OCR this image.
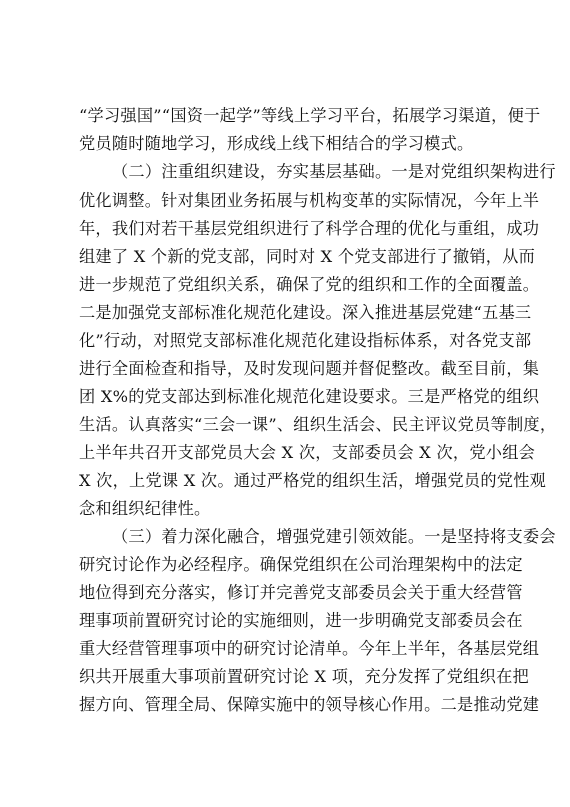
“学习强国”“国资一起学”等线上学习平台，拓展学习渠道，便于
党员随时随地学习，形成线上线下相结合的学习模式。
（二）注重组织建设，夯实基层基础。一是对党组织架构进行
优化调整。针对集团业务拓展与机构变革的实际情况，今年上半
年，我们对若干基层党组织进行了科学合理的优化与重组，成功
组建了 X 个新的党支部，同时对 X 个党支部进行了撤销，从而
进一步规范了党组织关系，确保了党的组织和工作的全面覆盖。
二是加强党支部标准化规范化建设。深入推进基层党建“五基三
化”行动，对照党支部标准化规范化建设指标体系，对各党支部
进行全面检查和指导，及时发现问题并督促整改。截至目前，集
团 X%的党支部达到标准化规范化建设要求。三是严格党的组织
生活。认真落实“三会一课”、组织生活会、民主评议党员等制度，
上半年共召开支部党员大会 X 次，支部委员会 X 次，党小组会
X 次，上党课 X 次。通过严格党的组织生活，增强党员的党性观
念和组织纪律性。
（三）着力深化融合，增强党建引领效能。一是坚持将支委会
研究讨论作为必经程序。确保党组织在公司治理架构中的法定
地位得到充分落实，修订并完善党支部委员会关于重大经营管
理事项前置研究讨论的实施细则，进一步明确党支部委员会在
重大经营管理事项中的研究讨论清单。今年上半年，各基层党组
织共开展重大事项前置研究讨论 X 项，充分发挥了党组织在把
握方向、管理全局、保障实施中的领导核心作用。二是推动党建
